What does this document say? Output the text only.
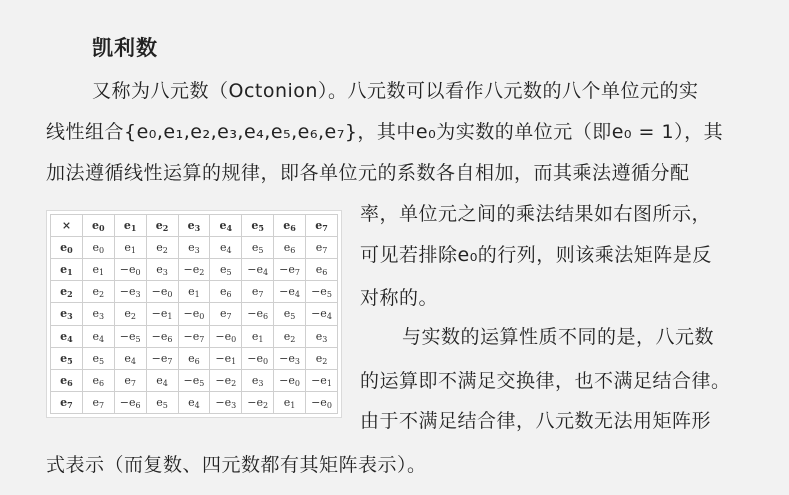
凯利数
又称为八元数（Octonion）。八元数可以看作八元数的八个单位元的实
线性组合{e₀,e₁,e₂,e₃,e₄,e₅,e₆,e₇}，其中e₀为实数的单位元（即e₀ = 1），其
加法遵循线性运算的规律，即各单位元的系数各自相加，而其乘法遵循分配
率，单位元之间的乘法结果如右图所示，
可见若排除e₀的行列，则该乘法矩阵是反
对称的。
与实数的运算性质不同的是，八元数
的运算即不满足交换律，也不满足结合律。
由于不满足结合律，八元数无法用矩阵形
式表示（而复数、四元数都有其矩阵表示）。
×	$e_0$	$e_1$	$e_2$	$e_3$	$e_4$	$e_5$	$e_6$	$e_7$
$e_0$	$e_0$	$e_1$	$e_2$	$e_3$	$e_4$	$e_5$	$e_6$	$e_7$
$e_1$	$e_1$	$-e_0$	$e_3$	$-e_2$	$e_5$	$-e_4$	$-e_7$	$e_6$
$e_2$	$e_2$	$-e_3$	$-e_0$	$e_1$	$e_6$	$e_7$	$-e_4$	$-e_5$
$e_3$	$e_3$	$e_2$	$-e_1$	$-e_0$	$e_7$	$-e_6$	$e_5$	$-e_4$
$e_4$	$e_4$	$-e_5$	$-e_6$	$-e_7$	$-e_0$	$e_1$	$e_2$	$e_3$
$e_5$	$e_5$	$e_4$	$-e_7$	$e_6$	$-e_1$	$-e_0$	$-e_3$	$e_2$
$e_6$	$e_6$	$e_7$	$e_4$	$-e_5$	$-e_2$	$e_3$	$-e_0$	$-e_1$
$e_7$	$e_7$	$-e_6$	$e_5$	$e_4$	$-e_3$	$-e_2$	$e_1$	$-e_0$
